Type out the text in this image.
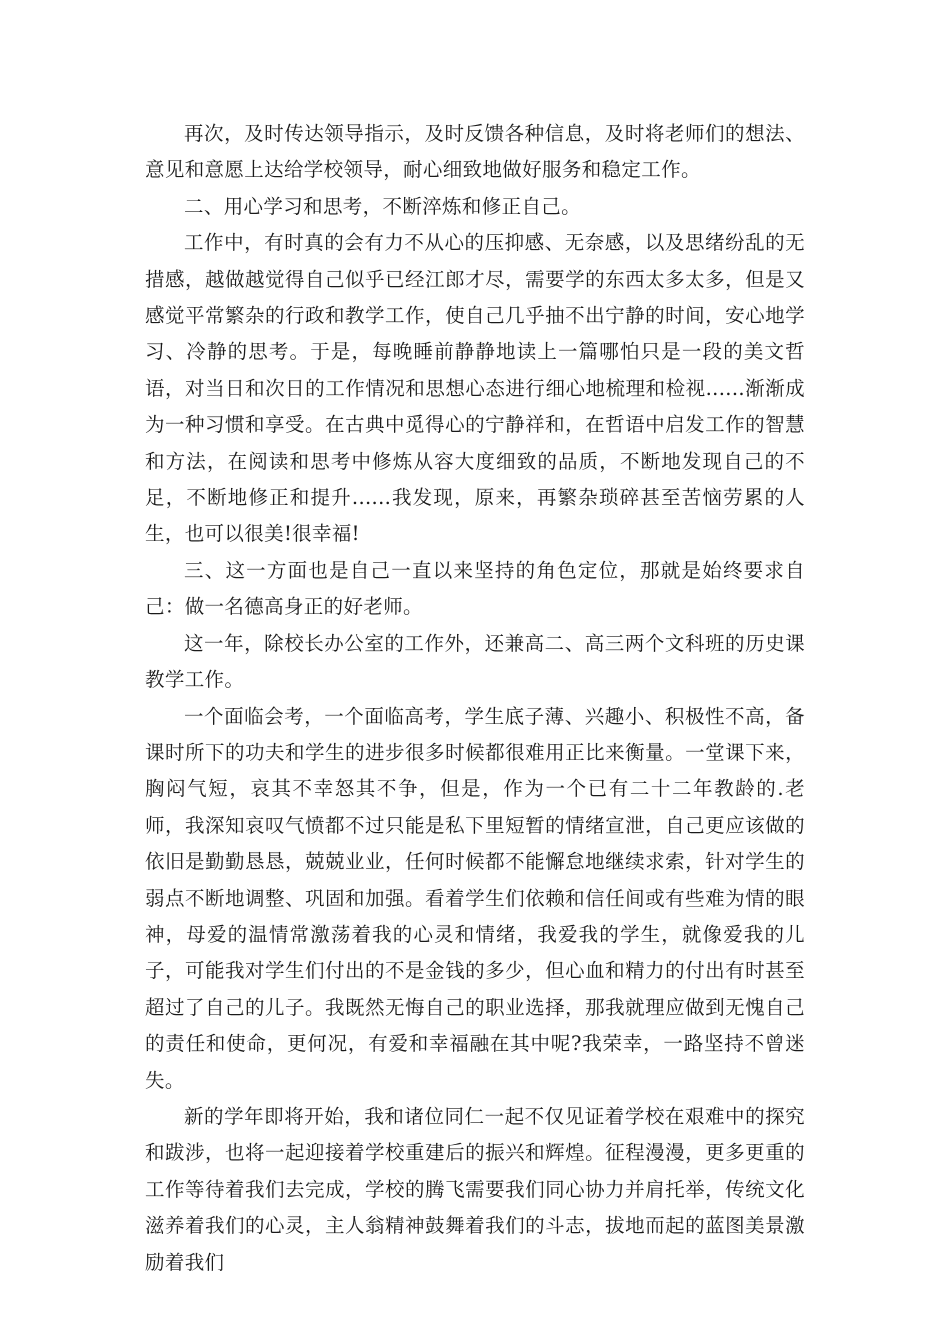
再次，及时传达领导指示，及时反馈各种信息，及时将老师们的想法、意见和意愿上达给学校领导，耐心细致地做好服务和稳定工作。

二、用心学习和思考，不断淬炼和修正自己。

工作中，有时真的会有力不从心的压抑感、无奈感，以及思绪纷乱的无措感，越做越觉得自己似乎已经江郎才尽，需要学的东西太多太多，但是又感觉平常繁杂的行政和教学工作，使自己几乎抽不出宁静的时间，安心地学习、冷静的思考。于是，每晚睡前静静地读上一篇哪怕只是一段的美文哲语，对当日和次日的工作情况和思想心态进行细心地梳理和检视......渐渐成为一种习惯和享受。在古典中觅得心的宁静祥和，在哲语中启发工作的智慧和方法，在阅读和思考中修炼从容大度细致的品质，不断地发现自己的不足，不断地修正和提升......我发现，原来，再繁杂琐碎甚至苦恼劳累的人生，也可以很美!很幸福!

三、这一方面也是自己一直以来坚持的角色定位，那就是始终要求自己：做一名德高身正的好老师。

这一年，除校长办公室的工作外，还兼高二、高三两个文科班的历史课教学工作。

一个面临会考，一个面临高考，学生底子薄、兴趣小、积极性不高，备课时所下的功夫和学生的进步很多时候都很难用正比来衡量。一堂课下来，胸闷气短，哀其不幸怒其不争，但是，作为一个已有二十二年教龄的.老师，我深知哀叹气愤都不过只能是私下里短暂的情绪宣泄，自己更应该做的依旧是勤勤恳恳，兢兢业业，任何时候都不能懈怠地继续求索，针对学生的弱点不断地调整、巩固和加强。看着学生们依赖和信任间或有些难为情的眼神，母爱的温情常激荡着我的心灵和情绪，我爱我的学生，就像爱我的儿子，可能我对学生们付出的不是金钱的多少，但心血和精力的付出有时甚至超过了自己的儿子。我既然无悔自己的职业选择，那我就理应做到无愧自己的责任和使命，更何况，有爱和幸福融在其中呢?我荣幸，一路坚持不曾迷失。

新的学年即将开始，我和诸位同仁一起不仅见证着学校在艰难中的探究和跋涉，也将一起迎接着学校重建后的振兴和辉煌。征程漫漫，更多更重的工作等待着我们去完成，学校的腾飞需要我们同心协力并肩托举，传统文化滋养着我们的心灵，主人翁精神鼓舞着我们的斗志，拔地而起的蓝图美景激励着我们
